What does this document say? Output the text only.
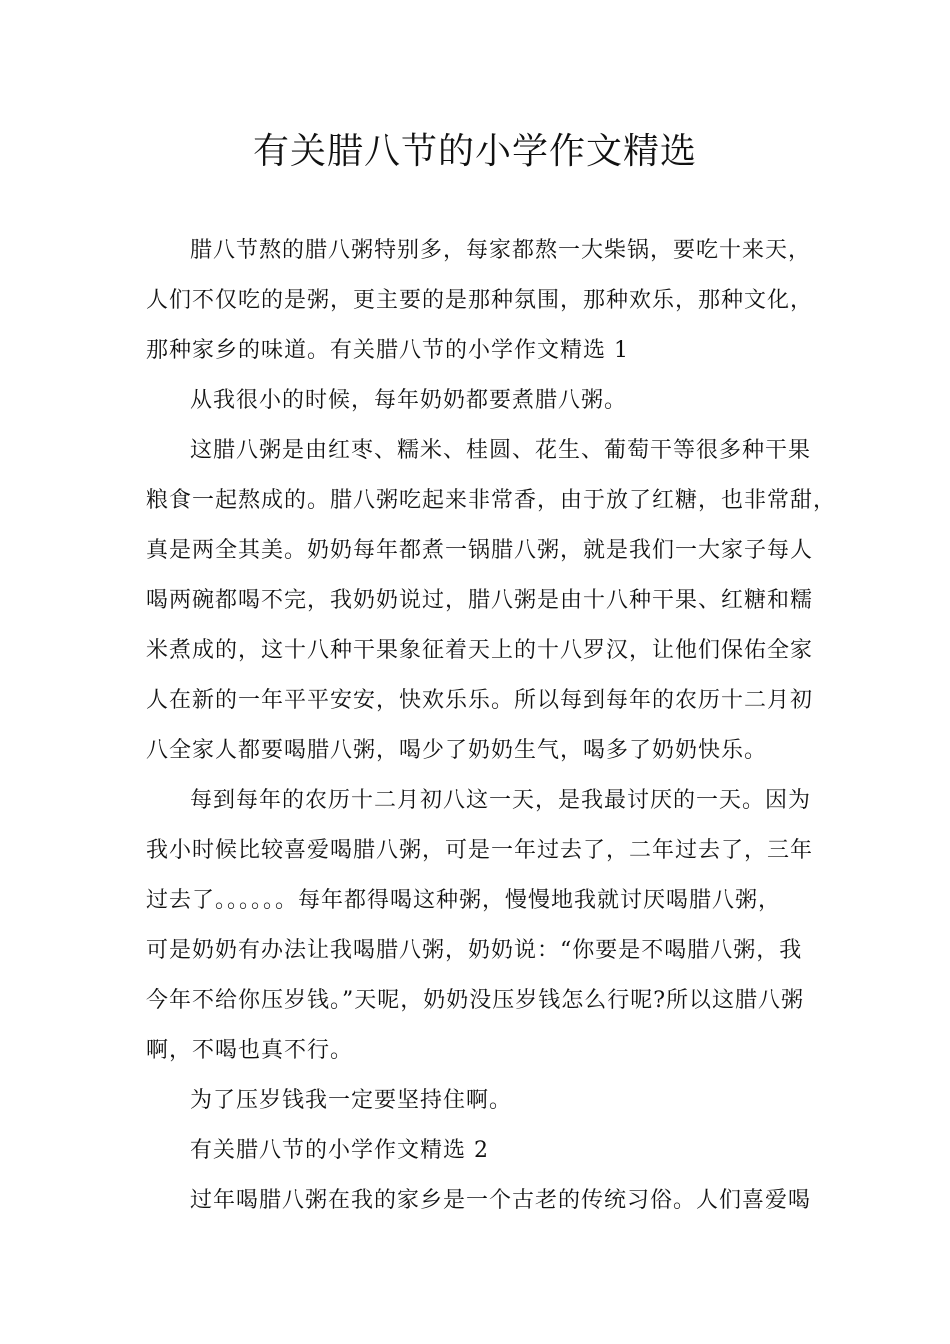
有关腊八节的小学作文精选
腊八节熬的腊八粥特别多，每家都熬一大柴锅，要吃十来天，
人们不仅吃的是粥，更主要的是那种氛围，那种欢乐，那种文化，
那种家乡的味道。有关腊八节的小学作文精选 1
从我很小的时候，每年奶奶都要煮腊八粥。
这腊八粥是由红枣、糯米、桂圆、花生、葡萄干等很多种干果
粮食一起熬成的。腊八粥吃起来非常香，由于放了红糖，也非常甜，
真是两全其美。奶奶每年都煮一锅腊八粥，就是我们一大家子每人
喝两碗都喝不完，我奶奶说过，腊八粥是由十八种干果、红糖和糯
米煮成的，这十八种干果象征着天上的十八罗汉，让他们保佑全家
人在新的一年平平安安，快欢乐乐。所以每到每年的农历十二月初
八全家人都要喝腊八粥，喝少了奶奶生气，喝多了奶奶快乐。
每到每年的农历十二月初八这一天，是我最讨厌的一天。因为
我小时候比较喜爱喝腊八粥，可是一年过去了，二年过去了，三年
过去了。。。。。。每年都得喝这种粥，慢慢地我就讨厌喝腊八粥，
可是奶奶有办法让我喝腊八粥，奶奶说：“你要是不喝腊八粥，我
今年不给你压岁钱。”天呢，奶奶没压岁钱怎么行呢?所以这腊八粥
啊，不喝也真不行。
为了压岁钱我一定要坚持住啊。
有关腊八节的小学作文精选 2
过年喝腊八粥在我的家乡是一个古老的传统习俗。人们喜爱喝
